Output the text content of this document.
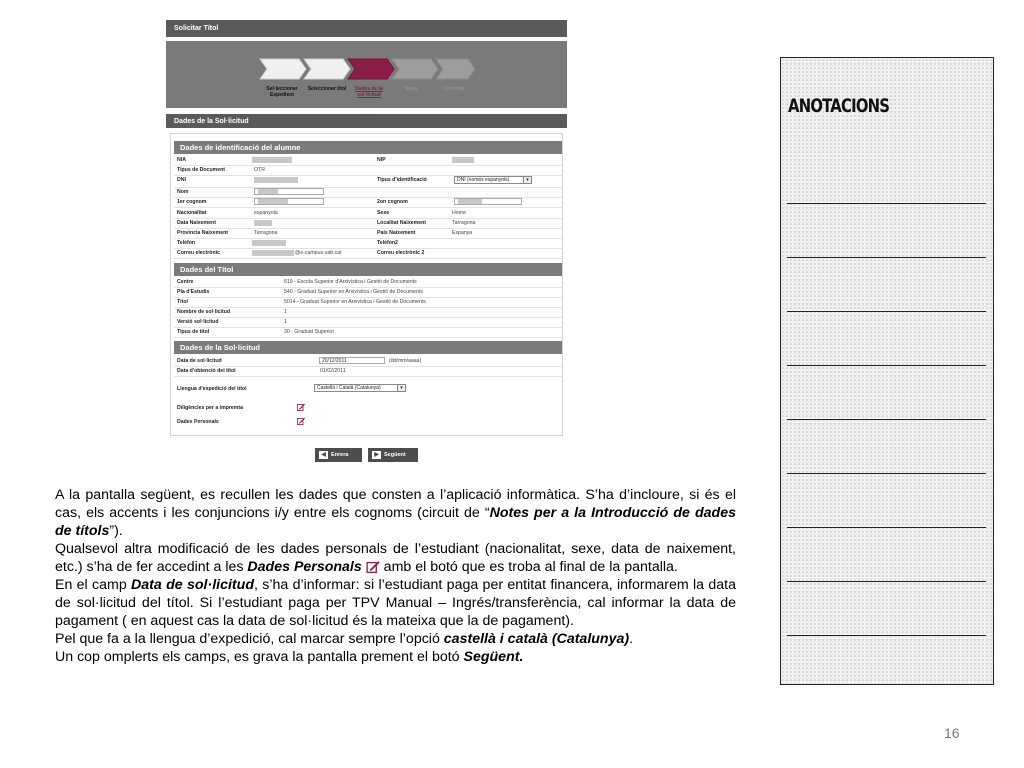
Solicitar Títol
Sel·leccionar Expedient
Seleccionar títol	Dades de la sol·licitud
Taxes	Confirmar
Dades de la Sol·licitud
Dades de identificació del alumne
NIA	NIP
Tipus de Document	OTR
DNI	Tipus d'identificació	DNI (només espanyols)	▾
Nom
1er cognom	2on cognom
Nacionalitat	espanyola	Sexe	Home
Data Naixement	Localitat Naixement	Tarragona
Provincia Naixement	Tarragona	País Naixement	Espanya
Telèfon	Telèfon2
Correu electrònic	@e-campus.uab.cat	Correu electrònic 2
Dades del Títol
Centre	519 - Escola Superior d'Arxivística i Gestió de Documents
Pla d'Estudis	540 - Graduat Superior en Arxivística i Gestió de Documents
Títol	5014 - Graduat Superior en Arxivística i Gestió de Documents
Nombre de sol·licitud	1
Versió sol·licitud	1
Tipus de títol	30 - Graduat Superior
Dades de la Sol·licitud
Data de sol·licitud	20/12/2011	(dd/mm/aaaa)
Data d'obtenció del títol	01/02/2011
Llengua d'expedició del títol	Castellà i Català (Catalunya)	▾
Diligències per a impremta
Dades Personals
◀ Enrera	▶ Següent

A la pantalla següent, es recullen les dades que consten a l’aplicació informàtica. S’ha d’incloure, si és el cas, els accents i les conjuncions i/y entre els cognoms (circuit de “Notes per a la Introducció de dades de títols”).

Qualsevol altra modificació de les dades personals de l’estudiant (nacionalitat, sexe, data de naixement, etc.) s’ha de fer accedint a les Dades Personals  amb el botó que es troba al final de la pantalla.

En el camp Data de sol·licitud, s’ha d’informar: si l’estudiant paga per entitat financera, informarem la data de sol·licitud del títol. Si l’estudiant paga per TPV Manual – Ingrés/transferència, cal informar la data de pagament ( en aquest cas la data de sol·licitud és la mateixa que la de pagament).

Pel que fa a la llengua d’expedició, cal marcar sempre l’opció castellà i català (Catalunya).

Un cop omplerts els camps, es grava la pantalla prement el botó Següent.

ANOTACIONS
16
